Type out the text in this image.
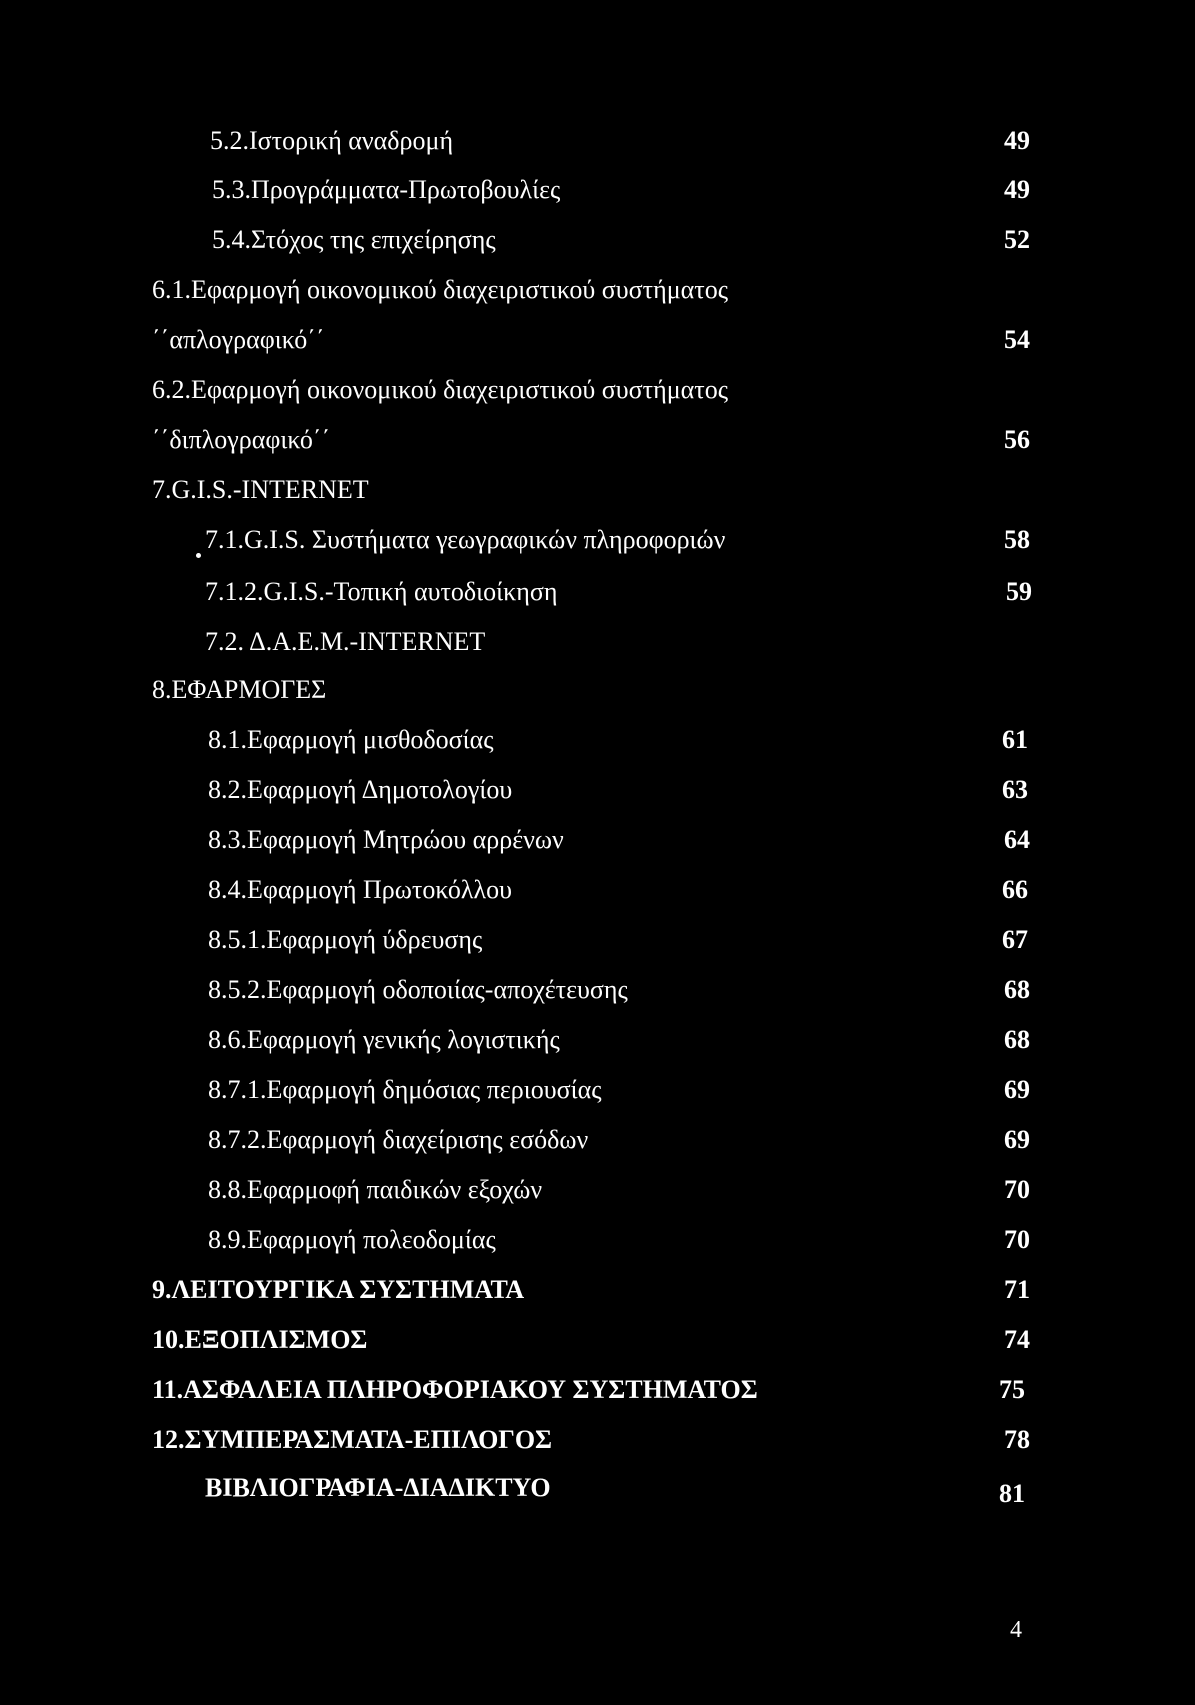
5.2.Ιστορική αναδρομή	49
5.3.Προγράμματα-Πρωτοβουλίες	49
5.4.Στόχος της επιχείρησης	52
6.1.Εφαρμογή οικονομικού διαχειριστικού συστήματος
΄΄απλογραφικό΄΄	54
6.2.Εφαρμογή οικονομικού διαχειριστικού συστήματος
΄΄διπλογραφικό΄΄	56
7.G.I.S.-INTERNET
7.1.G.I.S. Συστήματα γεωγραφικών πληροφοριών	58
7.1.2.G.I.S.-Τοπική αυτοδιοίκηση	59
7.2. Δ.Α.Ε.Μ.-INTERNET
8.ΕΦΑΡΜΟΓΕΣ
8.1.Εφαρμογή μισθοδοσίας	61
8.2.Εφαρμογή Δημοτολογίου	63
8.3.Εφαρμογή Μητρώου αρρένων	64
8.4.Εφαρμογή Πρωτοκόλλου	66
8.5.1.Εφαρμογή ύδρευσης	67
8.5.2.Εφαρμογή οδοποιίας-αποχέτευσης	68
8.6.Εφαρμογή γενικής λογιστικής	68
8.7.1.Εφαρμογή δημόσιας περιουσίας	69
8.7.2.Εφαρμογή διαχείρισης εσόδων	69
8.8.Εφαρμοφή παιδικών εξοχών	70
8.9.Εφαρμογή πολεοδομίας	70
9.ΛΕΙΤΟΥΡΓΙΚΑ ΣΥΣΤΗΜΑΤΑ	71
10.ΕΞΟΠΛΙΣΜΟΣ	74
11.ΑΣΦΑΛΕΙΑ ΠΛΗΡΟΦΟΡΙΑΚΟΥ ΣΥΣΤΗΜΑΤΟΣ	75
12.ΣΥΜΠΕΡΑΣΜΑΤΑ-ΕΠΙΛΟΓΟΣ	78
ΒΙΒΛΙΟΓΡΑΦΙΑ-ΔΙΑΔΙΚΤΥΟ	81
4
